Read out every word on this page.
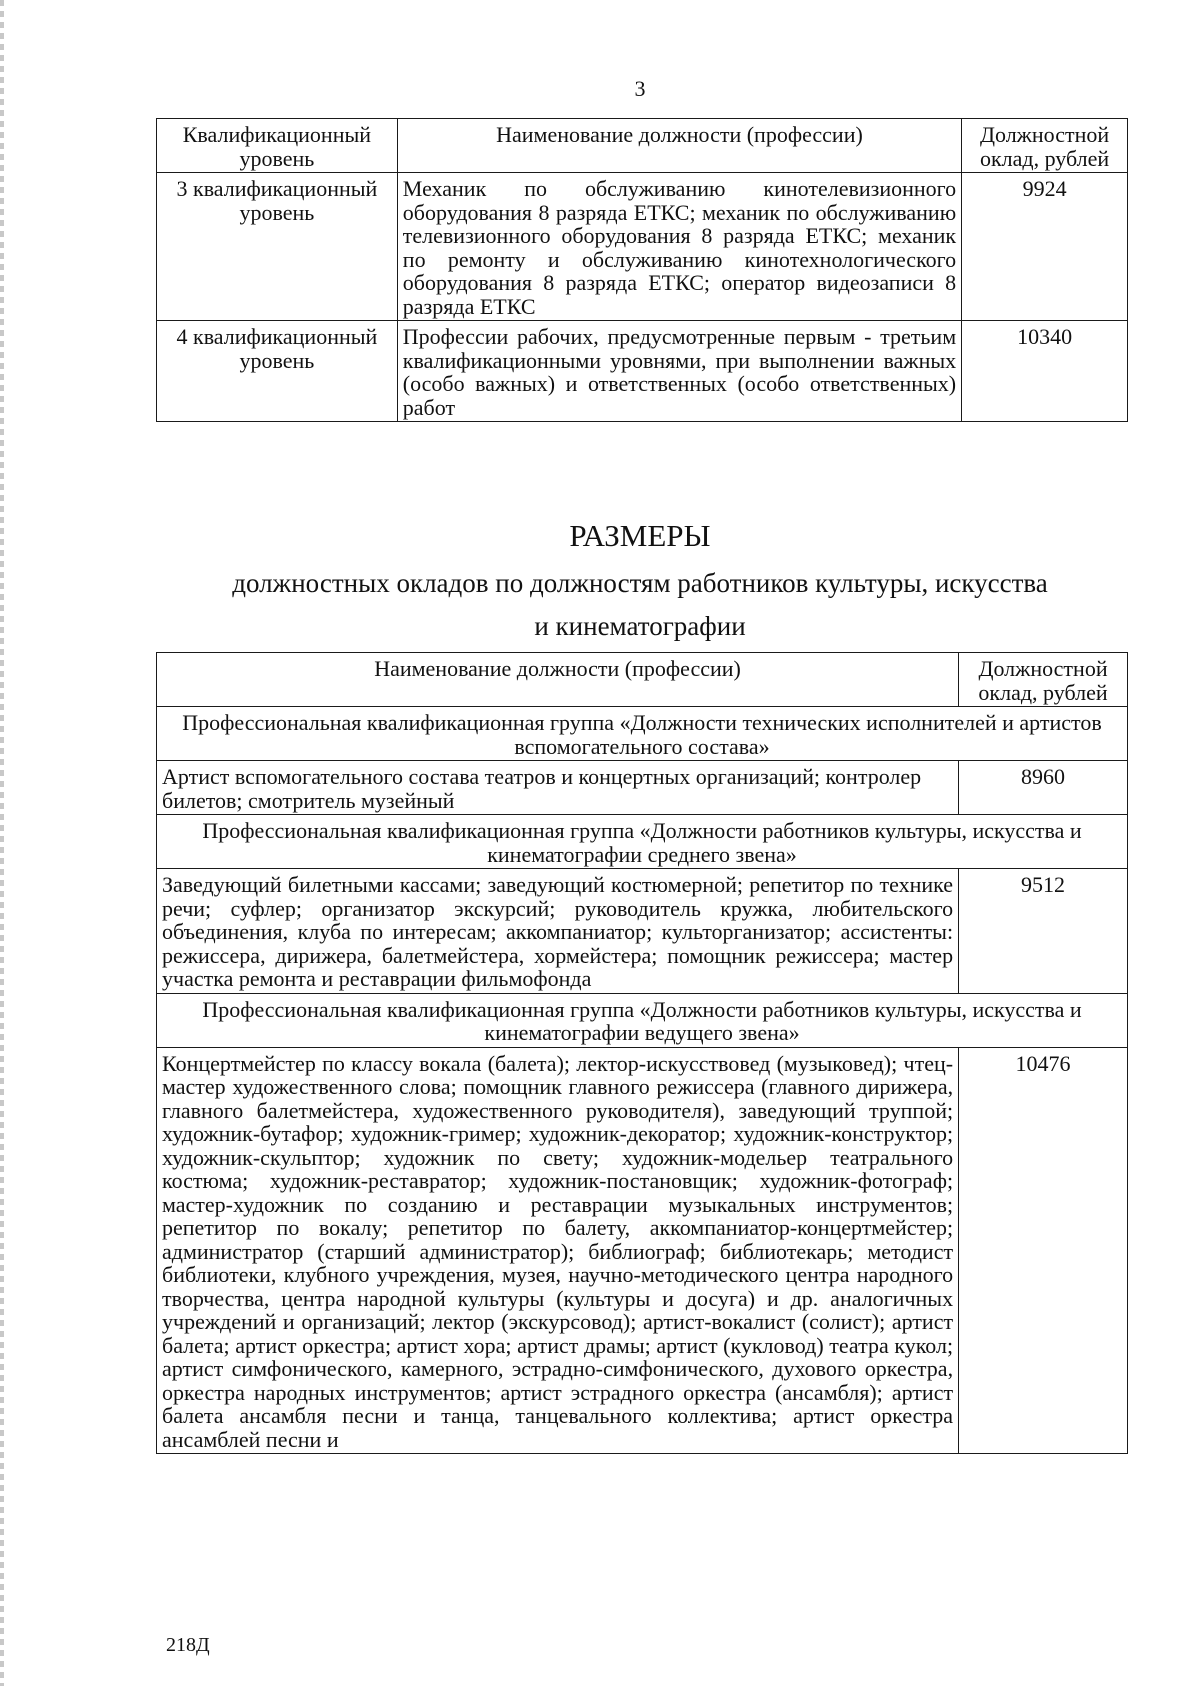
3
Квалификационный уровень	Наименование должности (профессии)	Должностной оклад, рублей
3 квалификационный уровень	Механик по обслуживанию кинотелевизионного оборудования 8 разряда ЕТКС; механик по обслуживанию телевизионного оборудования 8 разряда ЕТКС; механик по ремонту и обслуживанию кинотехнологического оборудования 8 разряда ЕТКС; оператор видеозаписи 8 разряда ЕТКС	9924
4 квалификационный уровень	Профессии рабочих, предусмотренные первым - третьим квалификационными уровнями, при выполнении важных (особо важных) и ответственных (особо ответственных) работ	10340
РАЗМЕРЫ
должностных окладов по должностям работников культуры, искусства
и кинематографии
Наименование должности (профессии)	Должностной оклад, рублей
Профессиональная квалификационная группа «Должности технических исполнителей и артистов вспомогательного состава»	
Артист вспомогательного состава театров и концертных организаций; контролер билетов; смотритель музейный	8960
Профессиональная квалификационная группа «Должности работников культуры, искусства и кинематографии среднего звена»	
Заведующий билетными кассами; заведующий костюмерной; репетитор по технике речи; суфлер; организатор экскурсий; руководитель кружка, любительского объединения, клуба по интересам; аккомпаниатор; культорганизатор; ассистенты: режиссера, дирижера, балетмейстера, хормейстера; помощник режиссера; мастер участка ремонта и реставрации фильмофонда	9512
Профессиональная квалификационная группа «Должности работников культуры, искусства и кинематографии ведущего звена»	
Концертмейстер по классу вокала (балета); лектор-искусствовед (музыковед); чтец-мастер художественного слова; помощник главного режиссера (главного дирижера, главного балетмейстера, художественного руководителя), заведующий труппой; художник-бутафор; художник-гример; художник-декоратор; художник-конструктор; художник-скульптор; художник по свету; художник-модельер театрального костюма; художник-реставратор; художник-постановщик; художник-фотограф; мастер-художник по созданию и реставрации музыкальных инструментов; репетитор по вокалу; репетитор по балету, аккомпаниатор-концертмейстер; администратор (старший администратор); библиограф; библиотекарь; методист библиотеки, клубного учреждения, музея, научно-методического центра народного творчества, центра народной культуры (культуры и досуга) и др. аналогичных учреждений и организаций; лектор (экскурсовод); артист-вокалист (солист); артист балета; артист оркестра; артист хора; артист драмы; артист (кукловод) театра кукол; артист симфонического, камерного, эстрадно-симфонического, духового оркестра, оркестра народных инструментов; артист эстрадного оркестра (ансамбля); артист балета ансамбля песни и танца, танцевального коллектива; артист оркестра ансамблей песни и	10476
218Д
